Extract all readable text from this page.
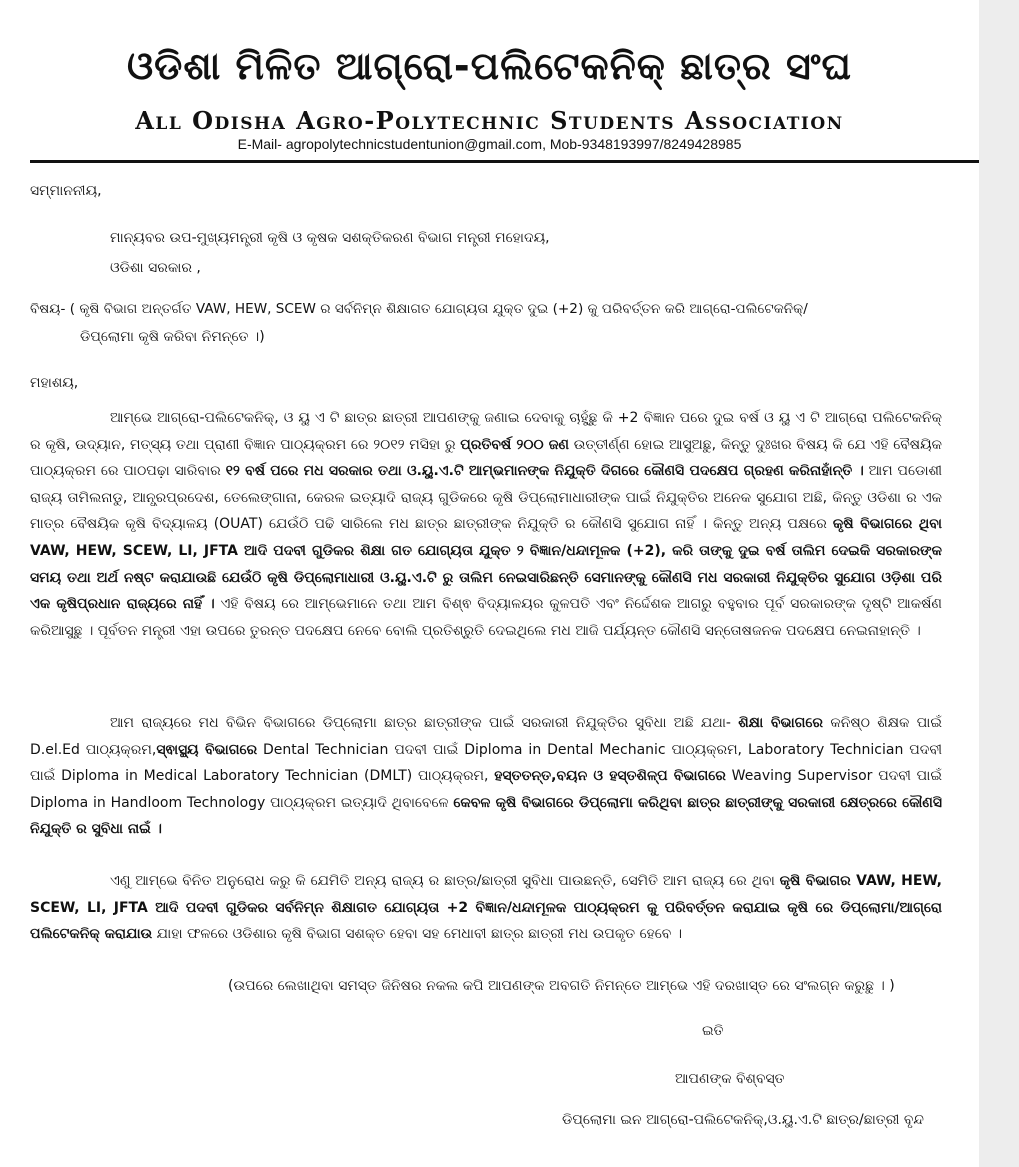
ଓଡିଶା ମିଳିତ ଆଗ୍ରୋ-ପଲିଟେକନିକ୍ ଛାତ୍ର ସଂଘ
All Odisha Agro-Polytechnic Students Association
E-Mail- agropolytechnicstudentunion@gmail.com, Mob-9348193997/8249428985
ସମ୍ମାନନୀୟ,
ମାନ୍ୟବର ଉପ-ମୁଖ୍ୟମନ୍ତ୍ରୀ କୃଷି ଓ କୃଷକ ସଶକ୍ତିକରଣ ବିଭାଗ ମନ୍ତ୍ରୀ ମହୋଦୟ,
ଓଡିଶା ସରକାର ,
ବିଷୟ- ( କୃଷି ବିଭାଗ ଅନ୍ତର୍ଗତ VAW, HEW, SCEW ର ସର୍ବନିମ୍ନ ଶିକ୍ଷାଗତ ଯୋଗ୍ୟତା ଯୁକ୍ତ ଦୁଇ (+2) କୁ ପରିବର୍ତ୍ତନ କରି ଆଗ୍ରୋ-ପଲିଟେକନିକ୍/
ଡିପ୍ଲୋମା କୃଷି କରିବା ନିମନ୍ତେ ।)
ମହାଶୟ,
ଆମ୍ଭେ ଆଗ୍ରୋ-ପଲିଟେକନିକ୍, ଓ ୟୁ ଏ ଟି ଛାତ୍ର ଛାତ୍ରୀ ଆପଣଙ୍କୁ ଜଣାଇ ଦେବାକୁ ଚାହୁଁଛୁ କି +2 ବିଜ୍ଞାନ ପରେ ଦୁଇ ବର୍ଷ ଓ ୟୁ ଏ ଟି ଆଗ୍ରୋ ପଲିଟେକନିକ୍ ର କୃଷି, ଉଦ୍ୟାନ, ମତ୍ସ୍ୟ ତଥା ପ୍ରାଣୀ ବିଜ୍ଞାନ ପାଠ୍ୟକ୍ରମ ରେ ୨୦୧୨ ମସିହା ରୁ ପ୍ରତିବର୍ଷ ୨୦୦ ଜଣ ଉତ୍ତୀର୍ଣ୍ଣ ହୋଇ ଆସୁଅଛୁ, କିନ୍ତୁ ଦୁଃଖର ବିଷୟ କି ଯେ ଏହି ବୈଷୟିକ ପାଠ୍ୟକ୍ରମ ରେ ପାଠପଢ଼ା ସାରିବାର ୧୨ ବର୍ଷ ପରେ ମଧ ସରକାର ତଥା ଓ.ୟୁ.ଏ.ଟି ଆମ୍ଭମାନଙ୍କ ନିଯୁକ୍ତି ଦିଗରେ କୌଣସି ପଦକ୍ଷେପ ଗ୍ରହଣ କରିନାହାଁନ୍ତି । ଆମ ପଡୋଶୀ ରାଜ୍ୟ ତାମିଲନାଡୁ, ଆନ୍ଧ୍ରପ୍ରଦେଶ, ତେଲେଙ୍ଗାନା, କେରଳ ଇତ୍ୟାଦି ରାଜ୍ୟ ଗୁଡିକରେ କୃଷି ଡିପ୍ଲୋମାଧାରୀଙ୍କ ପାଇଁ ନିଯୁକ୍ତିର ଅନେକ ସୁଯୋଗ ଅଛି, କିନ୍ତୁ ଓଡିଶା ର ଏକ ମାତ୍ର ବୈଷୟିକ କୃଷି ବିଦ୍ୟାଳୟ (OUAT) ଯେଉଁଠି ପଢି ସାରିଲେ ମଧ ଛାତ୍ର ଛାତ୍ରୀଙ୍କ ନିଯୁକ୍ତି ର କୌଣସି ସୁଯୋଗ ନାହିଁ । କିନ୍ତୁ ଅନ୍ୟ ପକ୍ଷରେ କୃଷି ବିଭାଗରେ ଥିବା VAW, HEW, SCEW, LI, JFTA ଆଦି ପଦବୀ ଗୁଡିକର ଶିକ୍ଷା ଗତ ଯୋଗ୍ୟତା ଯୁକ୍ତ ୨ ବିଜ୍ଞାନ/ଧନ୍ଦାମୂଳକ (+2), କରି ତାଙ୍କୁ ଦୁଇ ବର୍ଷ ତାଲିମ ଦେଇକି ସରକାରଙ୍କ ସମୟ ତଥା ଅର୍ଥ ନଷ୍ଟ କରାଯାଉଛି ଯେଉଁଠି କୃଷି ଡିପ୍ଲୋମାଧାରୀ ଓ.ୟୁ.ଏ.ଟି ରୁ ତାଲିମ ନେଇସାରିଛନ୍ତି ସେମାନଙ୍କୁ କୌଣସି ମଧ ସରକାରୀ ନିଯୁକ୍ତିର ସୁଯୋଗ ଓଡ଼ିଶା ପରି ଏକ କୃଷିପ୍ରଧାନ ରାଜ୍ୟରେ ନାହିଁ । ଏହି ବିଷୟ ରେ ଆମ୍ଭେମାନେ ତଥା ଆମ ବିଶ୍ଵ ବିଦ୍ୟାଳୟର କୁଳପତି ଏବଂ ନିର୍ଦ୍ଦେଶକ ଆଗରୁ ବହୁବାର ପୂର୍ବ ସରକାରଙ୍କ ଦୃଷ୍ଟି ଆକର୍ଷଣ କରିଆସୁଛୁ । ପୂର୍ବତନ ମନ୍ତ୍ରୀ ଏହା ଉପରେ ତୁରନ୍ତ ପଦକ୍ଷେପ ନେବେ ବୋଲି ପ୍ରତିଶ୍ରୁତି ଦେଇଥିଲେ ମଧ ଆଜି ପର୍ଯ୍ୟନ୍ତ କୌଣସି ସନ୍ତୋଷଜନକ ପଦକ୍ଷେପ ନେଇନାହାନ୍ତି ।
ଆମ ରାଜ୍ୟରେ ମଧ ବିଭିନ ବିଭାଗରେ ଡିପ୍ଲୋମା ଛାତ୍ର ଛାତ୍ରୀଙ୍କ ପାଇଁ ସରକାରୀ ନିଯୁକ୍ତିର ସୁବିଧା ଅଛି ଯଥା- ଶିକ୍ଷା ବିଭାଗରେ କନିଷ୍ଠ ଶିକ୍ଷକ ପାଇଁ D.el.Ed ପାଠ୍ୟକ୍ରମ,ସ୍ଵାସ୍ଥ୍ୟ ବିଭାଗରେ Dental Technician ପଦବୀ ପାଇଁ Diploma in Dental Mechanic ପାଠ୍ୟକ୍ରମ, Laboratory Technician ପଦବୀ ପାଇଁ Diploma in Medical Laboratory Technician (DMLT) ପାଠ୍ୟକ୍ରମ, ହସ୍ତତନ୍ତ,ବୟନ ଓ ହସ୍ତଶିଳ୍ପ ବିଭାଗରେ Weaving Supervisor ପଦବୀ ପାଇଁ Diploma in Handloom Technology ପାଠ୍ୟକ୍ରମ ଇତ୍ୟାଦି ଥିବାବେଳେ କେବଳ କୃଷି ବିଭାଗରେ ଡିପ୍ଲୋମା କରିଥିବା ଛାତ୍ର ଛାତ୍ରୀଙ୍କୁ ସରକାରୀ କ୍ଷେତ୍ରରେ କୌଣସି ନିଯୁକ୍ତି ର ସୁବିଧା ନାଇଁ ।
ଏଣୁ ଆମ୍ଭେ ବିନିତ ଅନୁରୋଧ କରୁ କି ଯେମିତି ଅନ୍ୟ ରାଜ୍ୟ ର ଛାତ୍ର/ଛାତ୍ରୀ ସୁବିଧା ପାଉଛନ୍ତି, ସେମିତି ଆମ ରାଜ୍ୟ ରେ ଥିବା କୃଷି ବିଭାଗର VAW, HEW, SCEW, LI, JFTA ଆଦି ପଦବୀ ଗୁଡିକର ସର୍ବନିମ୍ନ ଶିକ୍ଷାଗତ ଯୋଗ୍ୟତା +2 ବିଜ୍ଞାନ/ଧନ୍ଦାମୂଳକ ପାଠ୍ୟକ୍ରମ କୁ ପରିବର୍ତ୍ତନ କରାଯାଇ କୃଷି ରେ ଡିପ୍ଲୋମା/ଆଗ୍ରୋ ପଲିଟେକନିକ୍ କରାଯାଉ ଯାହା ଫଳରେ ଓଡିଶାର କୃଷି ବିଭାଗ ସଶକ୍ତ ହେବା ସହ ମେଧାବୀ ଛାତ୍ର ଛାତ୍ରୀ ମଧ ଉପକୃତ ହେବେ ।
(ଉପରେ ଲେଖାଥିବା ସମସ୍ତ ଜିନିଷର ନକଲ କପି ଆପଣଙ୍କ ଅବଗତି ନିମନ୍ତେ ଆମ୍ଭେ ଏହି ଦରଖାସ୍ତ ରେ ସଂଲଗ୍ନ କରୁଛୁ । )
ଇତି
ଆପଣଙ୍କ ବିଶ୍ବସ୍ତ
ଡିପ୍ଲୋମା ଇନ ଆଗ୍ରୋ-ପଲିଟେକନିକ୍,ଓ.ୟୁ.ଏ.ଟି ଛାତ୍ର/ଛାତ୍ରୀ ବୃନ୍ଦ
